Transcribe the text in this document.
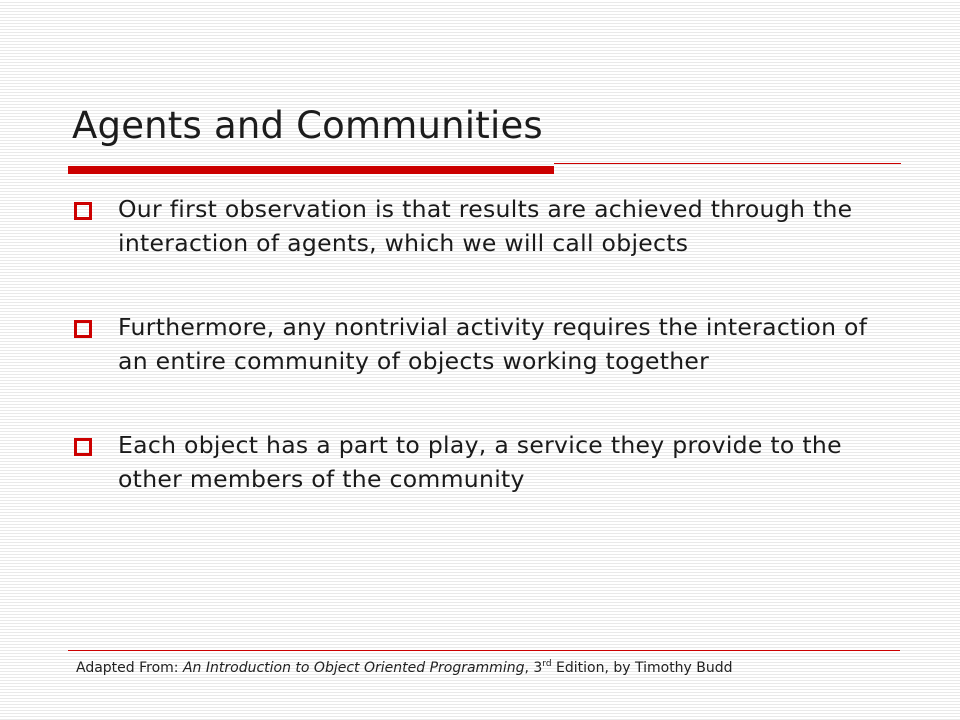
Agents and Communities
Our first observation is that results are achieved through the interaction of agents, which we will call objects
Furthermore, any nontrivial activity requires the interaction of an entire community of objects working together
Each object has a part to play, a service they provide to the other members of the community
Adapted From: An Introduction to Object Oriented Programming, 3rd Edition, by Timothy Budd
